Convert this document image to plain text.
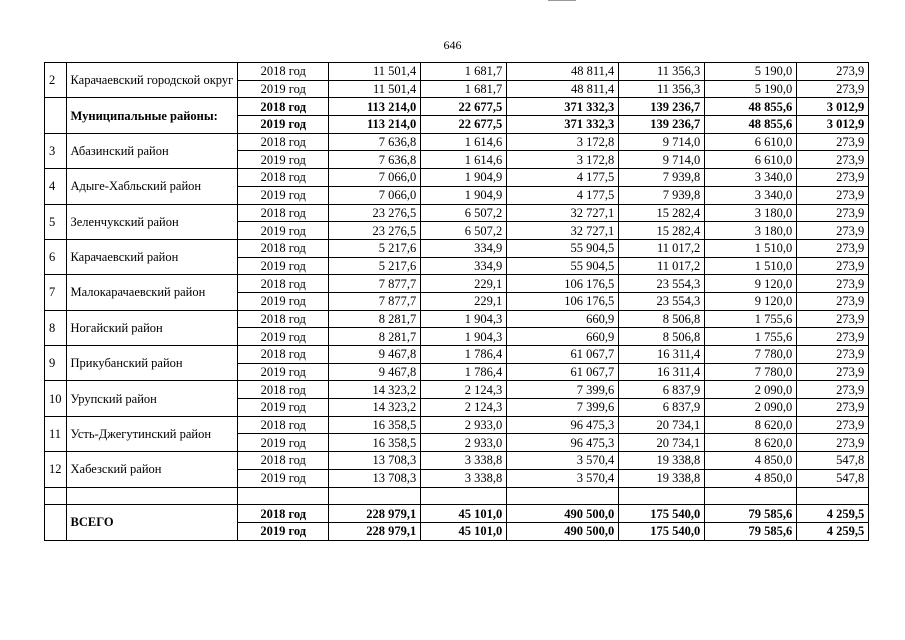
646
2	Карачаевский городской округ	2018 год	11 501,4	1 681,7	48 811,4	11 356,3	5 190,0	273,9
		2019 год	11 501,4	1 681,7	48 811,4	11 356,3	5 190,0	273,9
	Муниципальные районы:	2018 год	113 214,0	22 677,5	371 332,3	139 236,7	48 855,6	3 012,9
		2019 год	113 214,0	22 677,5	371 332,3	139 236,7	48 855,6	3 012,9
3	Абазинский район	2018 год	7 636,8	1 614,6	3 172,8	9 714,0	6 610,0	273,9
		2019 год	7 636,8	1 614,6	3 172,8	9 714,0	6 610,0	273,9
4	Адыге-Хабльский район	2018 год	7 066,0	1 904,9	4 177,5	7 939,8	3 340,0	273,9
		2019 год	7 066,0	1 904,9	4 177,5	7 939,8	3 340,0	273,9
5	Зеленчукский район	2018 год	23 276,5	6 507,2	32 727,1	15 282,4	3 180,0	273,9
		2019 год	23 276,5	6 507,2	32 727,1	15 282,4	3 180,0	273,9
6	Карачаевский район	2018 год	5 217,6	334,9	55 904,5	11 017,2	1 510,0	273,9
		2019 год	5 217,6	334,9	55 904,5	11 017,2	1 510,0	273,9
7	Малокарачаевский район	2018 год	7 877,7	229,1	106 176,5	23 554,3	9 120,0	273,9
		2019 год	7 877,7	229,1	106 176,5	23 554,3	9 120,0	273,9
8	Ногайский район	2018 год	8 281,7	1 904,3	660,9	8 506,8	1 755,6	273,9
		2019 год	8 281,7	1 904,3	660,9	8 506,8	1 755,6	273,9
9	Прикубанский район	2018 год	9 467,8	1 786,4	61 067,7	16 311,4	7 780,0	273,9
		2019 год	9 467,8	1 786,4	61 067,7	16 311,4	7 780,0	273,9
10	Урупский район	2018 год	14 323,2	2 124,3	7 399,6	6 837,9	2 090,0	273,9
		2019 год	14 323,2	2 124,3	7 399,6	6 837,9	2 090,0	273,9
11	Усть-Джегутинский район	2018 год	16 358,5	2 933,0	96 475,3	20 734,1	8 620,0	273,9
		2019 год	16 358,5	2 933,0	96 475,3	20 734,1	8 620,0	273,9
12	Хабезский район	2018 год	13 708,3	3 338,8	3 570,4	19 338,8	4 850,0	547,8
		2019 год	13 708,3	3 338,8	3 570,4	19 338,8	4 850,0	547,8

	ВСЕГО	2018 год	228 979,1	45 101,0	490 500,0	175 540,0	79 585,6	4 259,5
		2019 год	228 979,1	45 101,0	490 500,0	175 540,0	79 585,6	4 259,5
